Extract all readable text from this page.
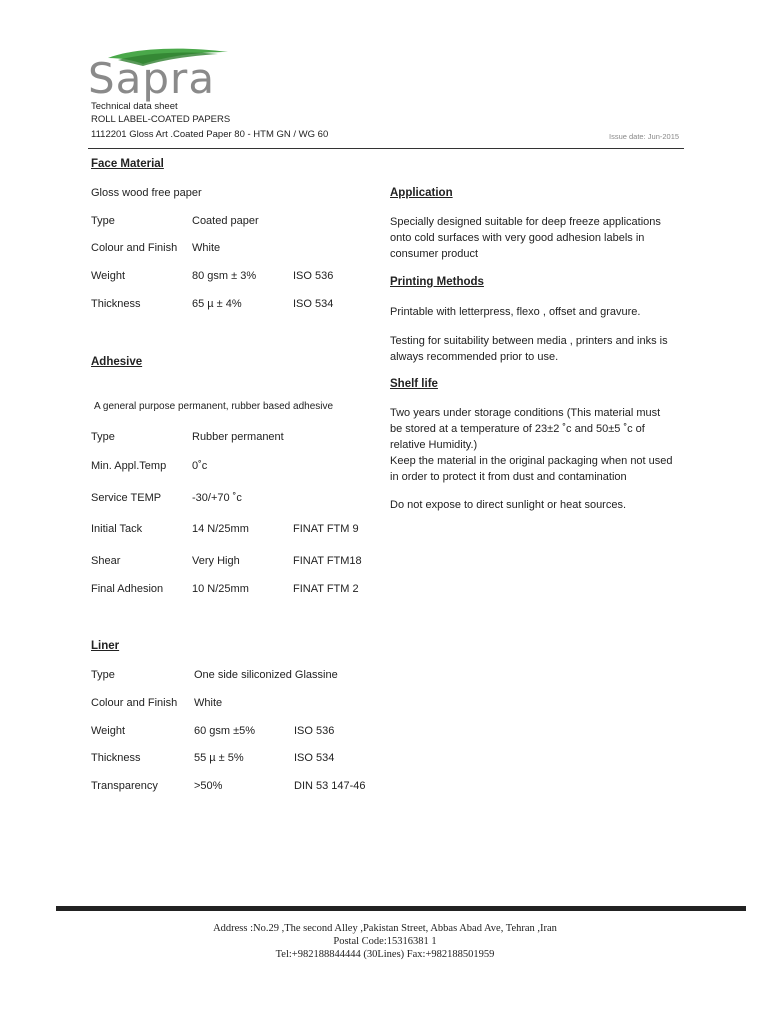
Sapra
Technical data sheet
ROLL LABEL-COATED PAPERS
1112201 Gloss Art .Coated Paper 80 - HTM GN / WG 60	Issue date: Jun-2015
Face Material
Gloss wood free paper
Type	Coated paper
Colour and Finish White
Weight	80 gsm ± 3%	ISO 536
Thickness	65 µ ± 4%	ISO 534
Adhesive
A general purpose permanent, rubber based adhesive
Type	Rubber permanent
Min. Appl.Temp 0˚c
Service TEMP	-30/+70 ˚c
Initial Tack	14 N/25mm	FINAT FTM 9
Shear	Very High	FINAT FTM18
Final Adhesion	10 N/25mm	FINAT FTM 2
Liner
Type	One side siliconized Glassine
Colour and Finish White
Weight	60 gsm ±5%	ISO 536
Thickness	55 µ ± 5%	ISO 534
Transparency	>50%	DIN 53 147-46
Application
Specially designed suitable for deep freeze applications onto cold surfaces with very good adhesion labels in consumer product
Printing Methods
Printable with letterpress, flexo , offset and gravure.
Testing for suitability between media , printers and inks is always recommended prior to use.
Shelf life
Two years under storage conditions (This material must
be stored at a temperature of 23±2 ˚c and 50±5 ˚c of relative Humidity.)
Keep the material in the original packaging when not used in order to protect it from dust and contamination
Do not expose to direct sunlight or heat sources.
Address :No.29 ,The second Alley ,Pakistan Street, Abbas Abad Ave, Tehran ,Iran
Postal Code:15316381 1
Tel:+982188844444 (30Lines) Fax:+982188501959
